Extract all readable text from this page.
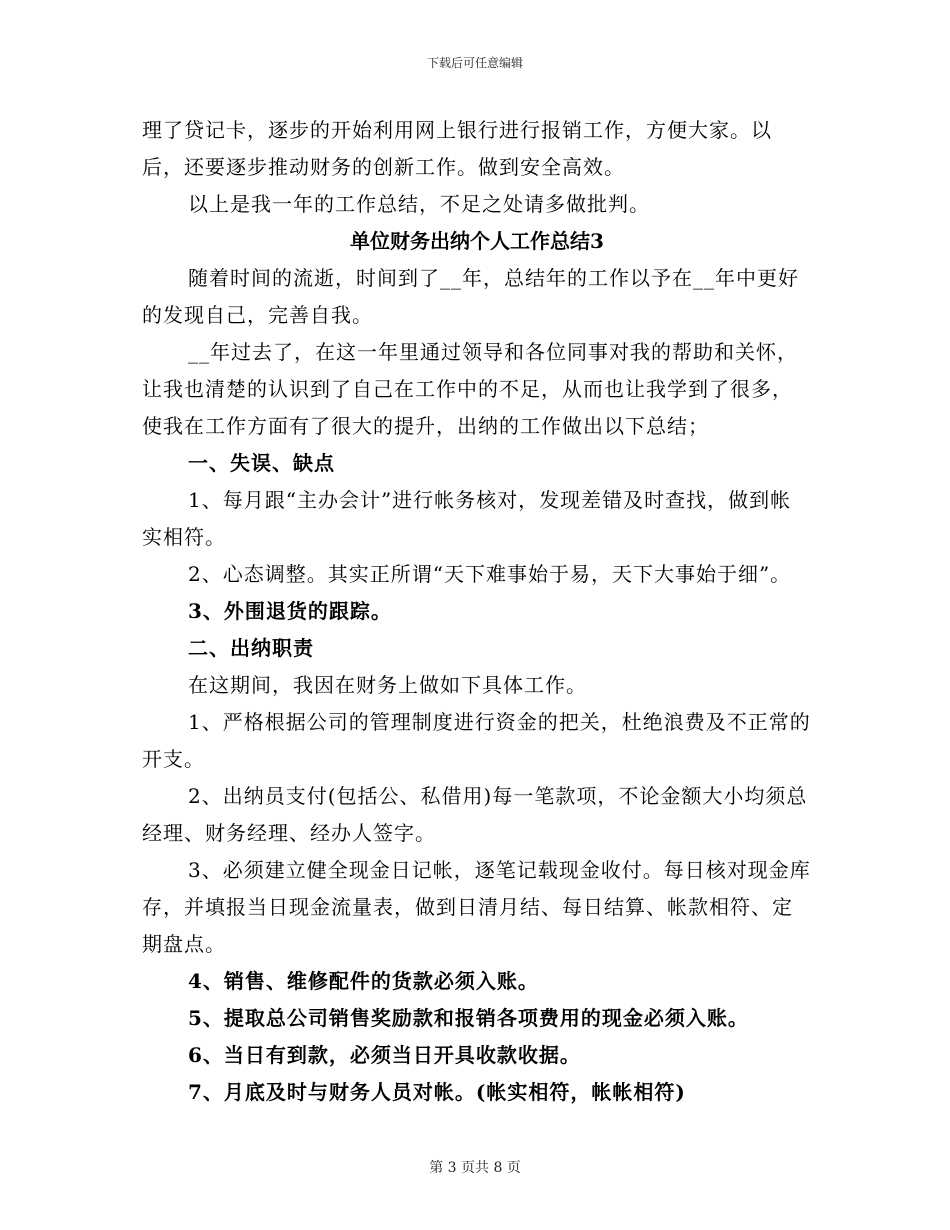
下载后可任意编辑

理了贷记卡，逐步的开始利用网上银行进行报销工作，方便大家。以后，还要逐步推动财务的创新工作。做到安全高效。

以上是我一年的工作总结，不足之处请多做批判。

单位财务出纳个人工作总结3

随着时间的流逝，时间到了__年，总结年的工作以予在__年中更好的发现自己，完善自我。

__年过去了，在这一年里通过领导和各位同事对我的帮助和关怀，让我也清楚的认识到了自己在工作中的不足，从而也让我学到了很多，使我在工作方面有了很大的提升，出纳的工作做出以下总结；

一、失误、缺点

1、每月跟“主办会计”进行帐务核对，发现差错及时查找，做到帐实相符。

2、心态调整。其实正所谓“天下难事始于易，天下大事始于细”。

3、外围退货的跟踪。

二、出纳职责

在这期间，我因在财务上做如下具体工作。

1、严格根据公司的管理制度进行资金的把关，杜绝浪费及不正常的开支。

2、出纳员支付(包括公、私借用)每一笔款项，不论金额大小均须总经理、财务经理、经办人签字。

3、必须建立健全现金日记帐，逐笔记载现金收付。每日核对现金库存，并填报当日现金流量表，做到日清月结、每日结算、帐款相符、定期盘点。

4、销售、维修配件的货款必须入账。

5、提取总公司销售奖励款和报销各项费用的现金必须入账。

6、当日有到款，必须当日开具收款收据。

7、月底及时与财务人员对帐。(帐实相符，帐帐相符)

第 3 页共 8 页
